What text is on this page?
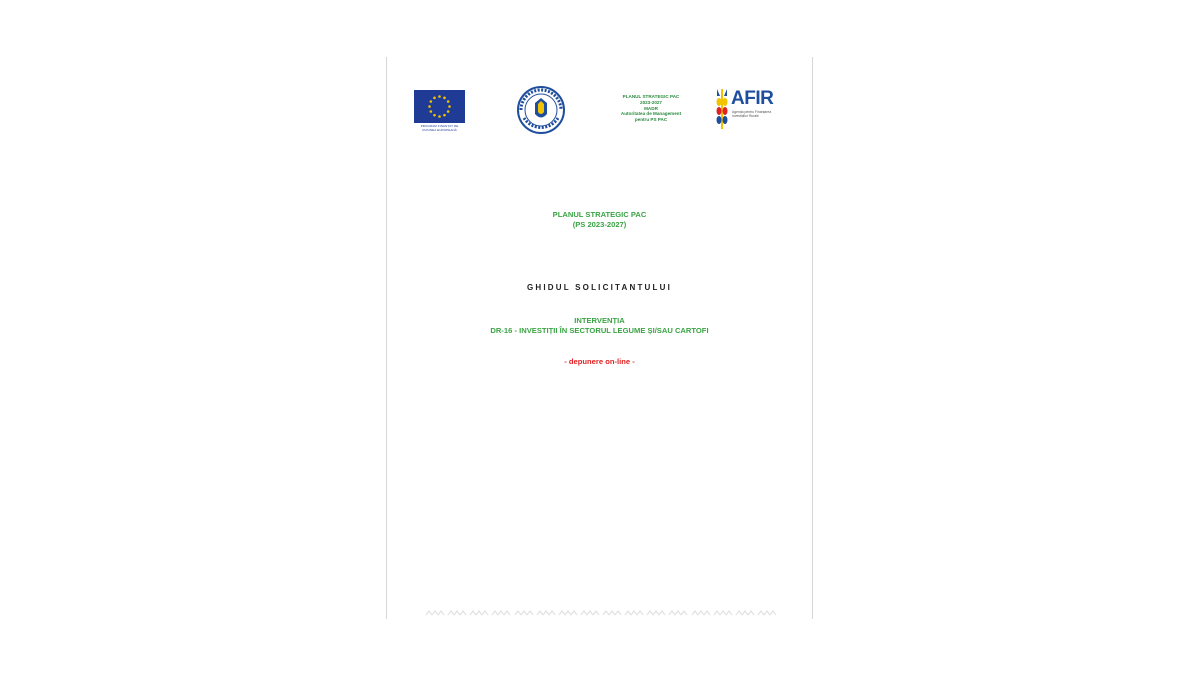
PROGRAM FINANȚAT DE UNIUNEA EUROPEANĂ
PLANUL STRATEGIC PAC
2023-2027
MADR
Autoritatea de Management
pentru PS PAC
AFIR
Agenția pentru Finanțarea Investițiilor Rurale
PLANUL STRATEGIC PAC
(PS 2023-2027)
GHIDUL SOLICITANTULUI
INTERVENȚIA
DR-16 - INVESTIȚII ÎN SECTORUL LEGUME ȘI/SAU CARTOFI
- depunere on-line -
